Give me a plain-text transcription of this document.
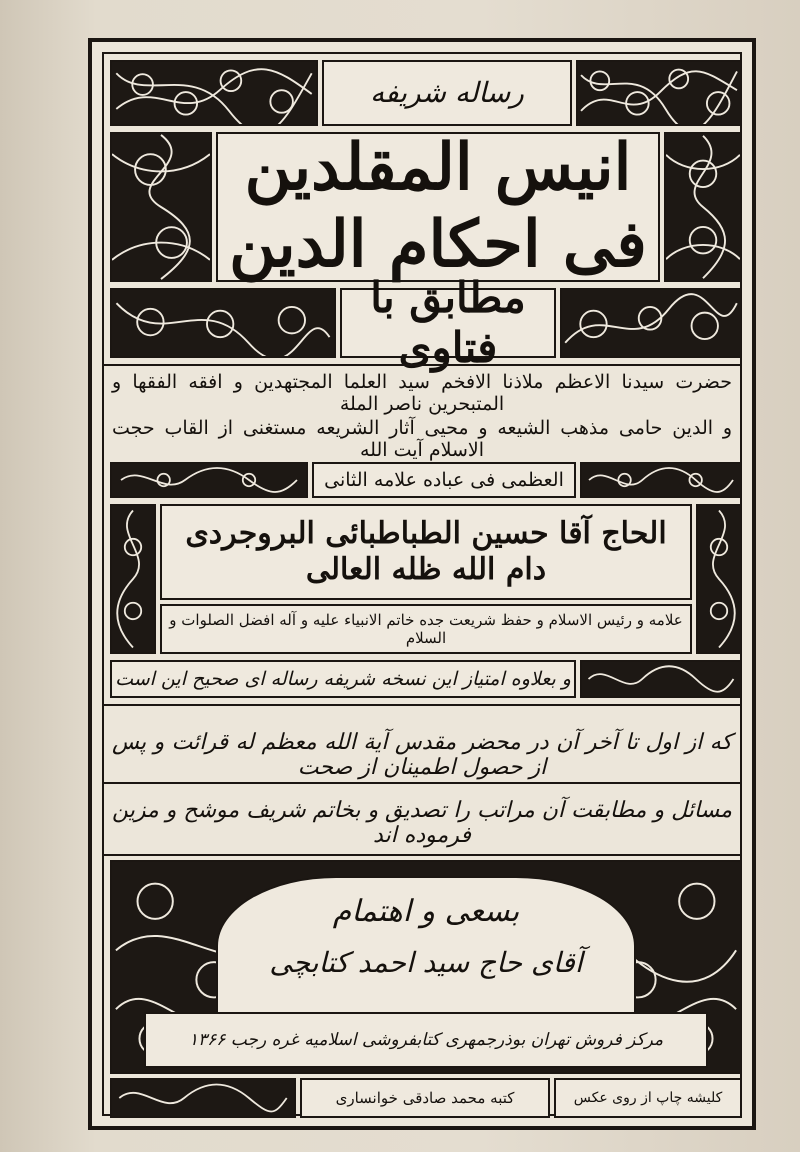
رساله شریفه
انیس المقلدین فی احکام الدین
مطابق با فتاوی
حضرت سیدنا الاعظم ملاذنا الافخم سید العلما المجتهدین و افقه الفقها و المتبحرین ناصر الملة
و الدین حامی مذهب الشیعه و محیی آثار الشریعه مستغنی از القاب حجت الاسلام آیت الله
العظمی فی عباده علامه الثانی
الحاج آقا حسین الطباطبائی البروجردی دام الله ظله العالی
علامه و رئیس الاسلام و حفظ شریعت جده خاتم الانبیاء علیه و آله افضل الصلوات و السلام
و بعلاوه امتیاز این نسخه شریفه رساله ای صحیح این است
که از اول تا آخر آن در محضر مقدس آیة الله معظم له قرائت و پس از حصول اطمینان از صحت
مسائل و مطابقت آن مراتب را تصدیق و بخاتم شریف موشح و مزین فرموده اند
بسعی و اهتمام
آقای حاج سید احمد کتابچی
مرکز فروش تهران بوذرجمهری کتابفروشی اسلامیه غره رجب ۱۳۶۶
کتبه محمد صادقی خوانساری	کلیشه چاپ از روی عکس
